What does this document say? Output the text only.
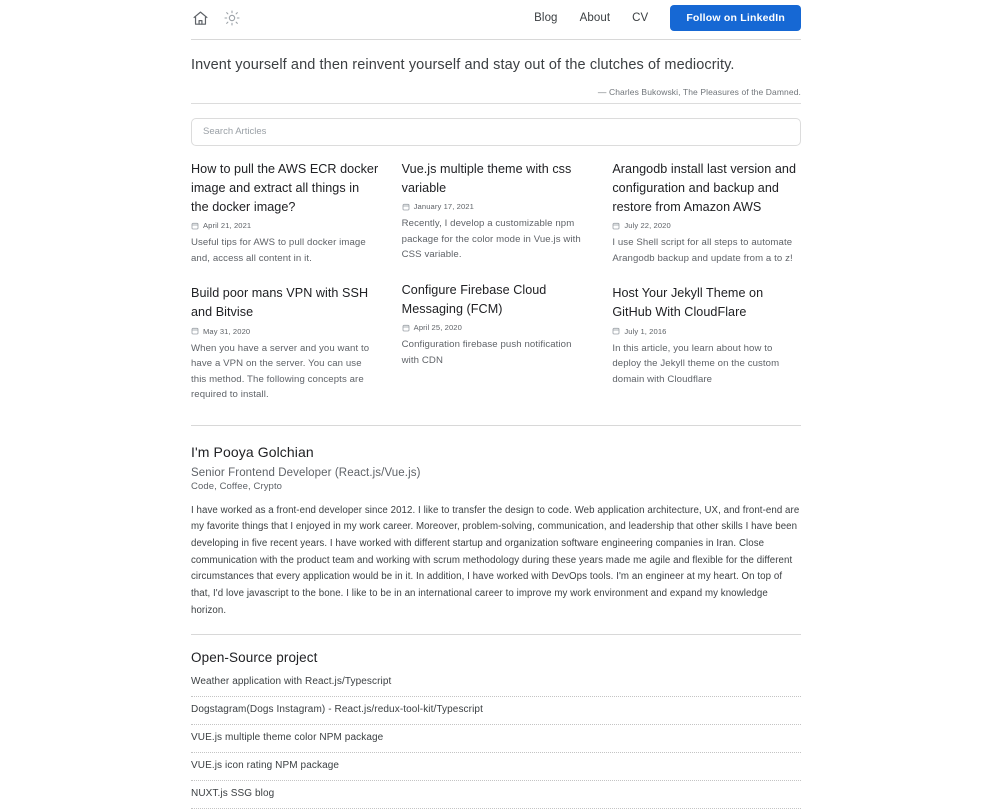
Blog About CV	Follow on LinkedIn

Invent yourself and then reinvent yourself and stay out of the clutches of mediocrity.

— Charles Bukowski, The Pleasures of the Damned.
Search Articles
How to pull the AWS ECR docker image and extract all things in the docker image?
April 21, 2021

Useful tips for AWS to pull docker image and, access all content in it.

Build poor mans VPN with SSH and Bitvise
May 31, 2020

When you have a server and you want to have a VPN on the server. You can use this method. The following concepts are required to install.

Vue.js multiple theme with css variable
January 17, 2021

Recently, I develop a customizable npm package for the color mode in Vue.js with CSS variable.

Configure Firebase Cloud Messaging (FCM)
April 25, 2020

Configuration firebase push notification with CDN

Arangodb install last version and configuration and backup and restore from Amazon AWS
July 22, 2020

I use Shell script for all steps to automate Arangodb backup and update from a to z!

Host Your Jekyll Theme on GitHub With CloudFlare
July 1, 2016

In this article, you learn about how to deploy the Jekyll theme on the custom domain with Cloudflare

I'm Pooya Golchian
Senior Frontend Developer (React.js/Vue.js)
Code, Coffee, Crypto

I have worked as a front-end developer since 2012. I like to transfer the design to code. Web application architecture, UX, and front-end are my favorite things that I enjoyed in my work career. Moreover, problem-solving, communication, and leadership that other skills I have been developing in five recent years. I have worked with different startup and organization software engineering companies in Iran. Close communication with the product team and working with scrum methodology during these years made me agile and flexible for the different circumstances that every application would be in it. In addition, I have worked with DevOps tools. I'm an engineer at my heart. On top of that, I'd love javascript to the bone. I like to be in an international career to improve my work environment and expand my knowledge horizon.

Open-Source project
Weather application with React.js/Typescript
Dogstagram(Dogs Instagram) - React.js/redux-tool-kit/Typescript
VUE.js multiple theme color NPM package
VUE.js icon rating NPM package
NUXT.js SSG blog
